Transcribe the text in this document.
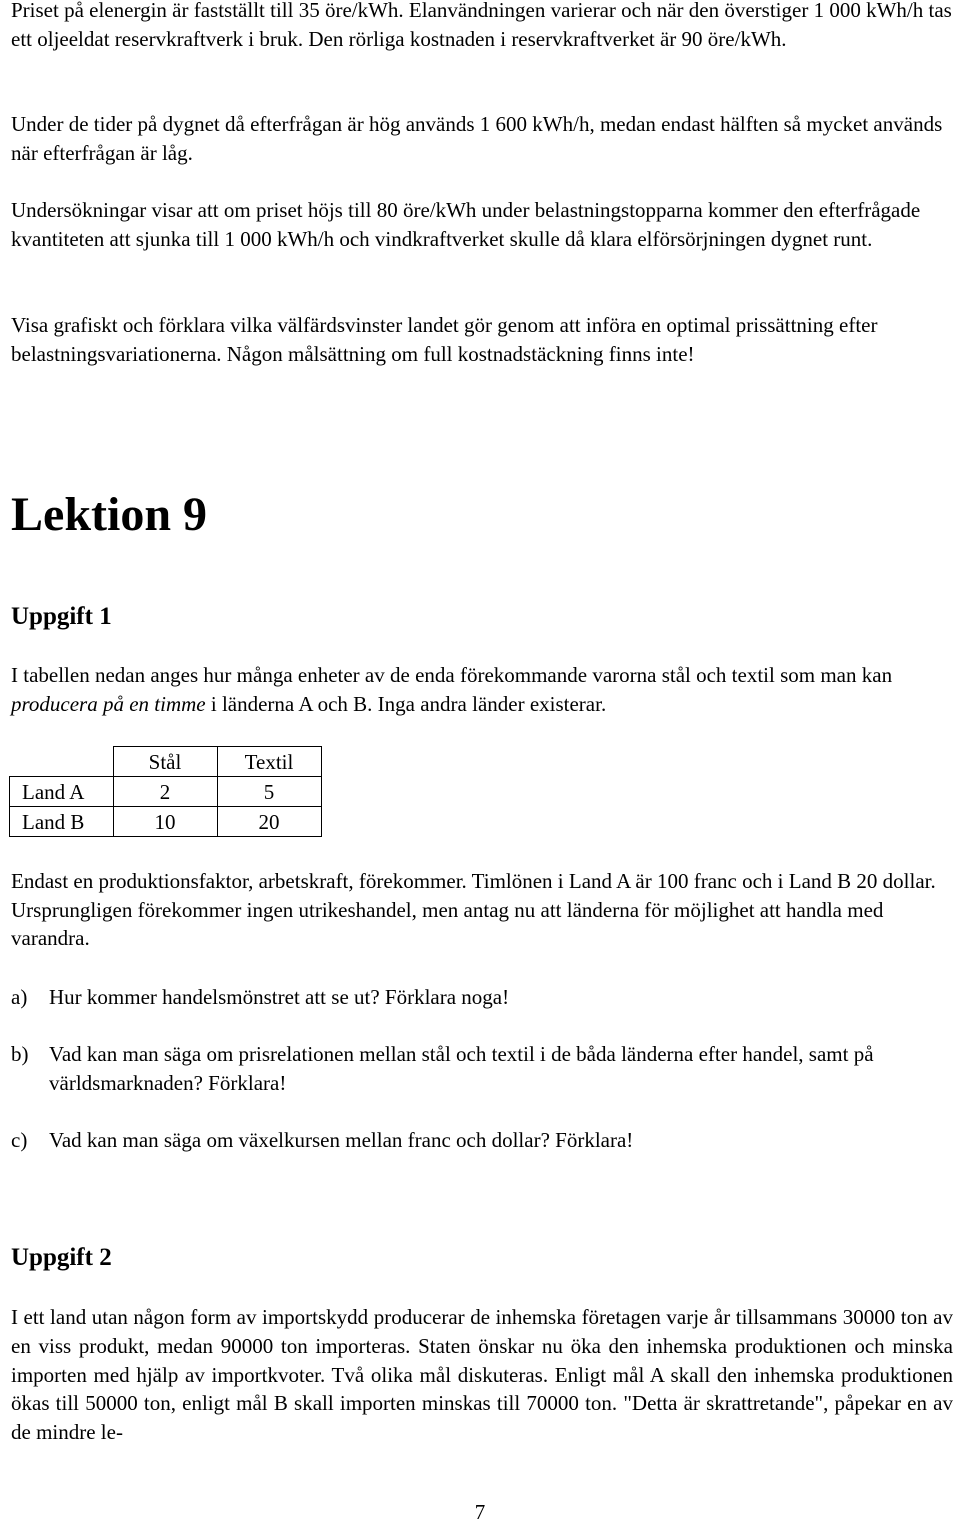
Priset på elenergin är fastställt till 35 öre/kWh. Elanvändningen varierar och när den överstiger 1 000 kWh/h tas ett oljeeldat reservkraftverk i bruk. Den rörliga kostnaden i reservkraftverket är 90 öre/kWh.

Under de tider på dygnet då efterfrågan är hög används 1 600 kWh/h, medan endast hälften så mycket används när efterfrågan är låg.

Undersökningar visar att om priset höjs till 80 öre/kWh under belastningstopparna kommer den efterfrågade kvantiteten att sjunka till 1 000 kWh/h och vindkraftverket skulle då klara elförsörjningen dygnet runt.

Visa grafiskt och förklara vilka välfärdsvinster landet gör genom att införa en optimal prissättning efter belastningsvariationerna. Någon målsättning om full kostnadstäckning finns inte!

Lektion 9
Uppgift 1

I tabellen nedan anges hur många enheter av de enda förekommande varorna stål och textil som man kan producera på en timme i länderna A och B. Inga andra länder existerar.

	Stål	Textil
Land A	2	5
Land B	10	20

Endast en produktionsfaktor, arbetskraft, förekommer. Timlönen i Land A är 100 franc och i Land B 20 dollar. Ursprungligen förekommer ingen utrikeshandel, men antag nu att länderna för möjlighet att handla med varandra.

a) Hur kommer handelsmönstret att se ut? Förklara noga!
b) Vad kan man säga om prisrelationen mellan stål och textil i de båda länderna efter handel, samt på världsmarknaden? Förklara!
c) Vad kan man säga om växelkursen mellan franc och dollar? Förklara!
Uppgift 2

I ett land utan någon form av importskydd producerar de inhemska företagen varje år tillsammans 30000 ton av en viss produkt, medan 90000 ton importeras. Staten önskar nu öka den inhemska produktionen och minska importen med hjälp av importkvoter. Två olika mål diskuteras. Enligt mål A skall den inhemska produktionen ökas till 50000 ton, enligt mål B skall importen minskas till 70000 ton. "Detta är skrattretande", påpekar en av de mindre le-

7
